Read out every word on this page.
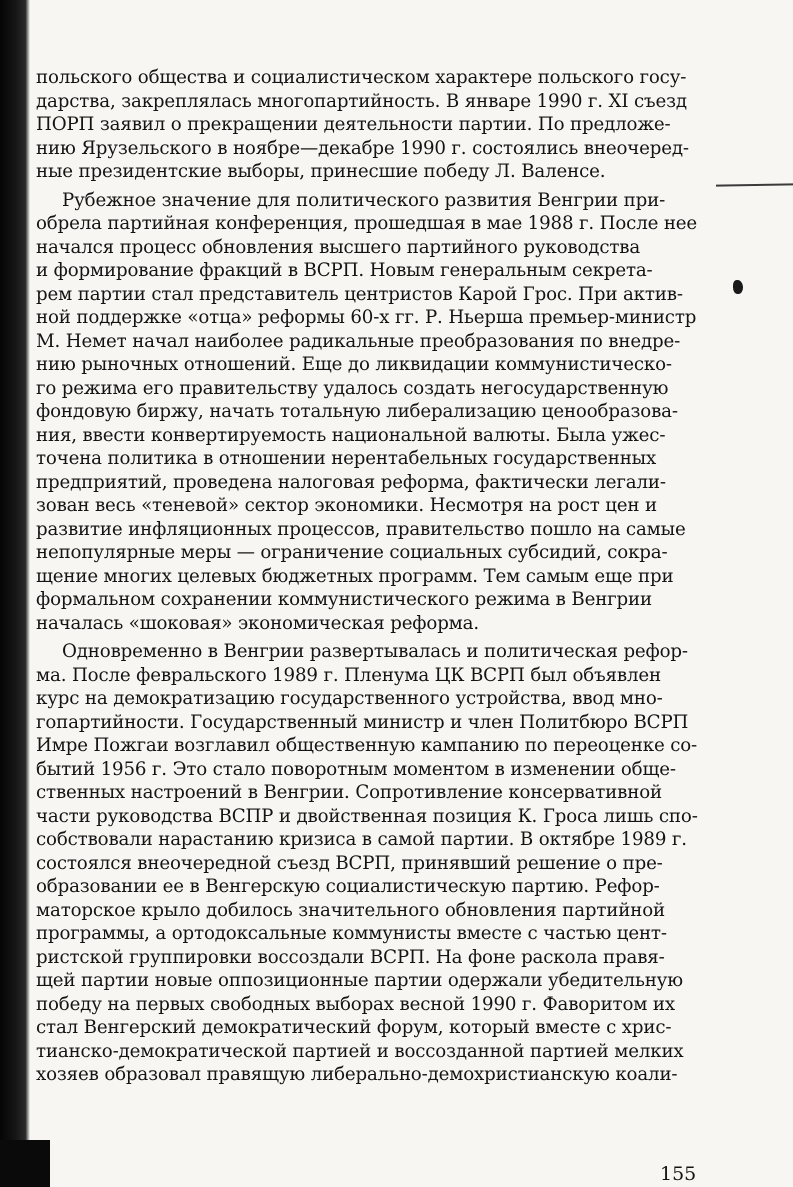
польского общества и социалистическом характере польского госу-
дарства, закреплялась многопартийность. В январе 1990 г. XI съезд
ПОРП заявил о прекращении деятельности партии. По предложе-
нию Ярузельского в ноябре—декабре 1990 г. состоялись внеочеред-
ные президентские выборы, принесшие победу Л. Валенсе.
Рубежное значение для политического развития Венгрии при-
обрела партийная конференция, прошедшая в мае 1988 г. После нее
начался процесс обновления высшего партийного руководства
и формирование фракций в ВСРП. Новым генеральным секрета-
рем партии стал представитель центристов Карой Грос. При актив-
ной поддержке «отца» реформы 60-х гг. Р. Ньерша премьер-министр
М. Немет начал наиболее радикальные преобразования по внедре-
нию рыночных отношений. Еще до ликвидации коммунистическо-
го режима его правительству удалось создать негосударственную
фондовую биржу, начать тотальную либерализацию ценообразова-
ния, ввести конвертируемость национальной валюты. Была ужес-
точена политика в отношении нерентабельных государственных
предприятий, проведена налоговая реформа, фактически легали-
зован весь «теневой» сектор экономики. Несмотря на рост цен и
развитие инфляционных процессов, правительство пошло на самые
непопулярные меры — ограничение социальных субсидий, сокра-
щение многих целевых бюджетных программ. Тем самым еще при
формальном сохранении коммунистического режима в Венгрии
началась «шоковая» экономическая реформа.
Одновременно в Венгрии развертывалась и политическая рефор-
ма. После февральского 1989 г. Пленума ЦК ВСРП был объявлен
курс на демократизацию государственного устройства, ввод мно-
гопартийности. Государственный министр и член Политбюро ВСРП
Имре Пожгаи возглавил общественную кампанию по переоценке со-
бытий 1956 г. Это стало поворотным моментом в изменении обще-
ственных настроений в Венгрии. Сопротивление консервативной
части руководства ВСПР и двойственная позиция К. Гроса лишь спо-
собствовали нарастанию кризиса в самой партии. В октябре 1989 г.
состоялся внеочередной съезд ВСРП, принявший решение о пре-
образовании ее в Венгерскую социалистическую партию. Рефор-
маторское крыло добилось значительного обновления партийной
программы, а ортодоксальные коммунисты вместе с частью цент-
ристской группировки воссоздали ВСРП. На фоне раскола правя-
щей партии новые оппозиционные партии одержали убедительную
победу на первых свободных выборах весной 1990 г. Фаворитом их
стал Венгерский демократический форум, который вместе с хрис-
тианско-демократической партией и воссозданной партией мелких
хозяев образовал правящую либерально-демохристианскую коали-
155
